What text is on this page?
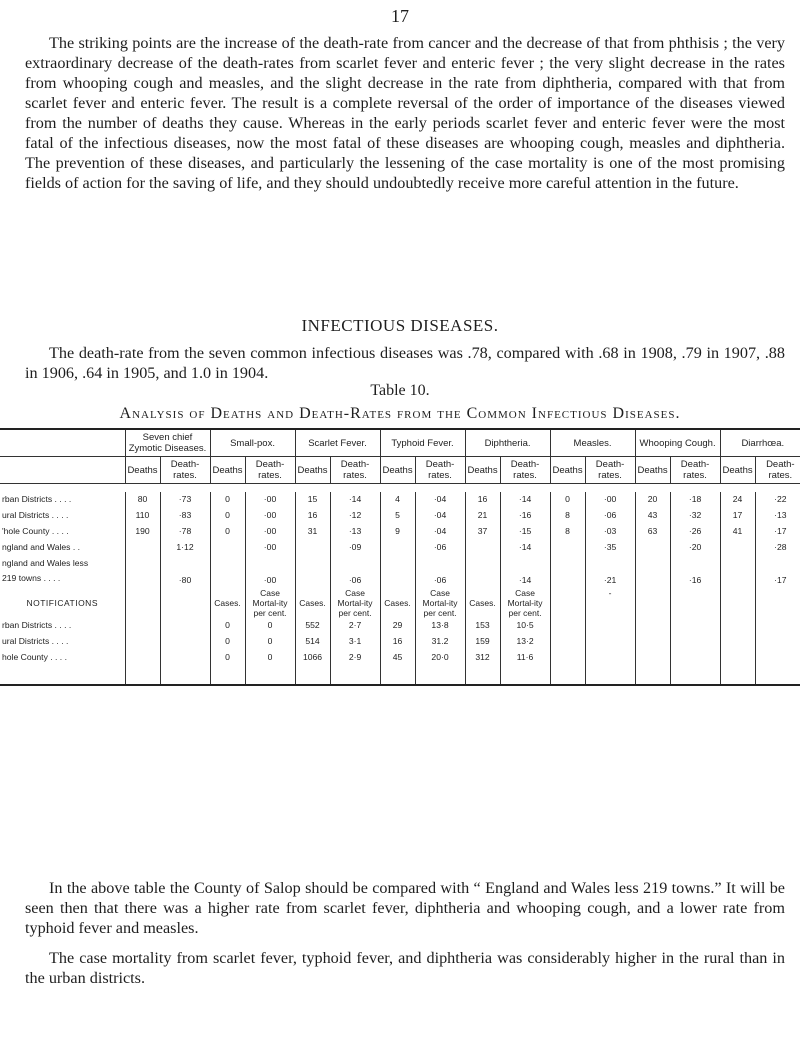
17

The striking points are the increase of the death-rate from cancer and the decrease of that from phthisis ; the very extraordinary decrease of the death-rates from scarlet fever and enteric fever ; the very slight decrease in the rates from whooping cough and measles, and the slight decrease in the rate from diphtheria, compared with that from scarlet fever and enteric fever. The result is a complete reversal of the order of importance of the diseases viewed from the number of deaths they cause. Whereas in the early periods scarlet fever and enteric fever were the most fatal of the infectious diseases, now the most fatal of these diseases are whooping cough, measles and diphtheria. The prevention of these diseases, and particularly the lessening of the case mortality is one of the most promising fields of action for the saving of life, and they should undoubtedly receive more careful attention in the future.

INFECTIOUS DISEASES.

The death-rate from the seven common infectious diseases was .78, compared with .68 in 1908, .79 in 1907, .88 in 1906, .64 in 1905, and 1.0 in 1904.

Table 10.
Analysis of Deaths and Death-Rates from the Common Infectious Diseases.
	Seven chief Zymotic Diseases.		Small-pox.		Scarlet Fever.		Typhoid Fever.		Diphtheria.		Measles.		Whooping Cough.		Diarrhœa.	
	Deaths	Death-rates.	Deaths	Death-rates.	Deaths	Death-rates.	Deaths	Death-rates.	Deaths	Death-rates.	Deaths	Death-rates.	Deaths	Death-rates.	Deaths	Death-rates.

rban Districts . . . .	80	·73	0	·00	15	·14	4	·04	16	·14	0	·00	20	·18	24	·22
ural Districts . . . .	110	·83	0	·00	16	·12	5	·04	21	·16	8	·06	43	·32	17	·13
'hole County . . . .	190	·78	0	·00	31	·13	9	·04	37	·15	8	·03	63	·26	41	·17
ngland and Wales . .		1·12		·00		·09		·06		·14		·35		·20		·28
ngland and Wales less
219 towns . . . .		·80		·00		·06		·06		·14		·21		·16		·17
NOTIFICATIONS			Cases.	Case Mortal-ity per cent.	Cases.	Case Mortal-ity per cent.	Cases.	Case Mortal-ity per cent.	Cases.	Case Mortal-ity per cent.		-				
rban Districts . . . .			0	0	552	2·7	29	13·8	153	10·5						
ural Districts . . . .			0	0	514	3·1	16	31.2	159	13·2						
hole County . . . .			0	0	1066	2·9	45	20·0	312	11·6						

In the above table the County of Salop should be compared with “ England and Wales less 219 towns.” It will be seen then that there was a higher rate from scarlet fever, diphtheria and whooping cough, and a lower rate from typhoid fever and measles.

The case mortality from scarlet fever, typhoid fever, and diphtheria was considerably higher in the rural than in the urban districts.
